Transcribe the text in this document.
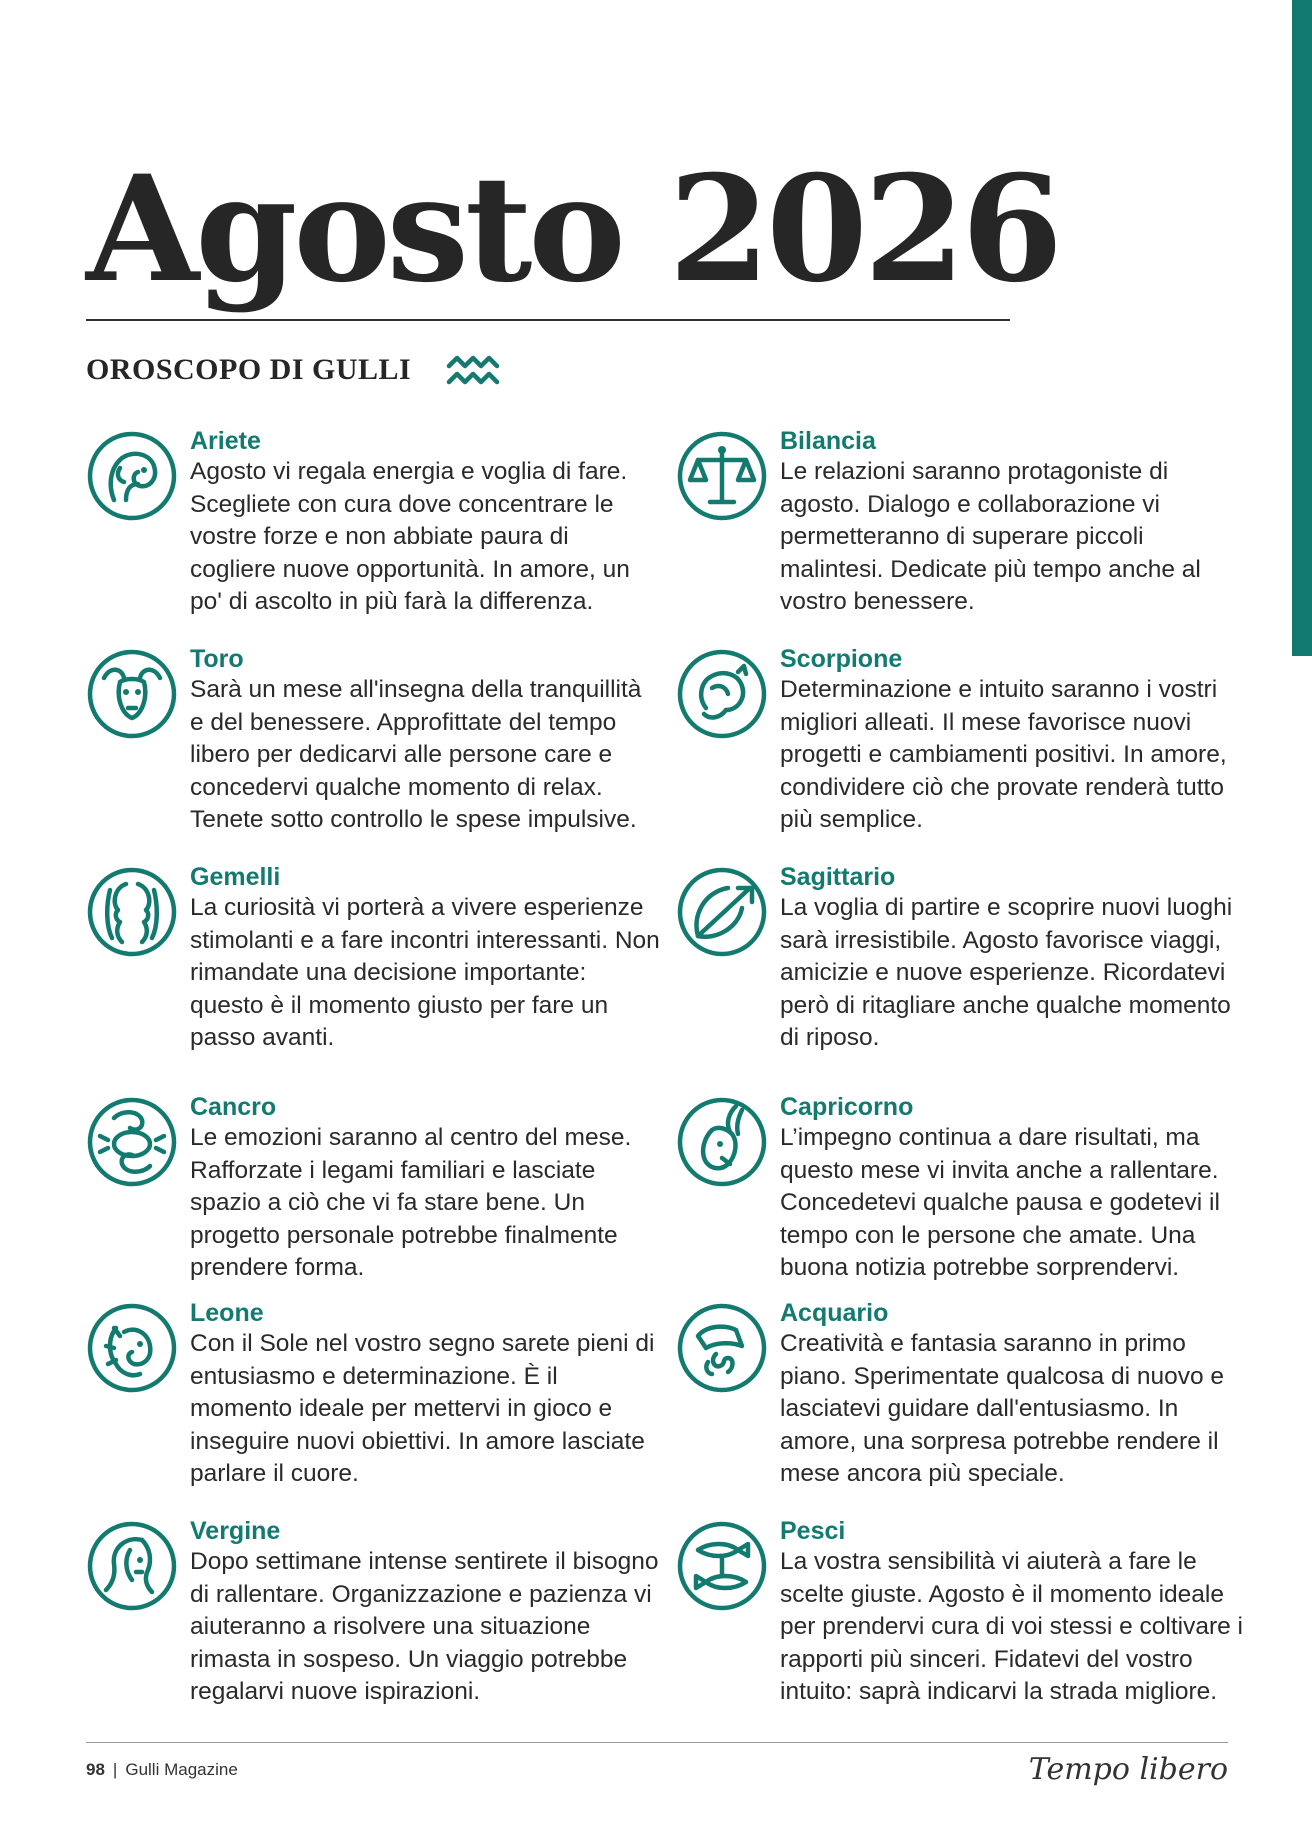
Agosto 2026
OROSCOPO DI GULLI
Ariete
Agosto vi regala energia e voglia di fare. Scegliete con cura dove concentrare le vostre forze e non abbiate paura di cogliere nuove opportunità. In amore, un po' di ascolto in più farà la differenza.
Toro
Sarà un mese all'insegna della tranquillità e del benessere. Approfittate del tempo libero per dedicarvi alle persone care e concedervi qualche momento di relax. Tenete sotto controllo le spese impulsive.
Gemelli
La curiosità vi porterà a vivere esperienze stimolanti e a fare incontri interessanti. Non rimandate una decisione importante: questo è il momento giusto per fare un passo avanti.
Cancro
Le emozioni saranno al centro del mese. Rafforzate i legami familiari e lasciate spazio a ciò che vi fa stare bene. Un progetto personale potrebbe finalmente prendere forma.
Leone
Con il Sole nel vostro segno sarete pieni di entusiasmo e determinazione. È il momento ideale per mettervi in gioco e inseguire nuovi obiettivi. In amore lasciate parlare il cuore.
Vergine
Dopo settimane intense sentirete il bisogno di rallentare. Organizzazione e pazienza vi aiuteranno a risolvere una situazione rimasta in sospeso. Un viaggio potrebbe regalarvi nuove ispirazioni.
Bilancia
Le relazioni saranno protagoniste di agosto. Dialogo e collaborazione vi permetteranno di superare piccoli malintesi. Dedicate più tempo anche al vostro benessere.
Scorpione
Determinazione e intuito saranno i vostri migliori alleati. Il mese favorisce nuovi progetti e cambiamenti positivi. In amore, condividere ciò che provate renderà tutto più semplice.
Sagittario
La voglia di partire e scoprire nuovi luoghi sarà irresistibile. Agosto favorisce viaggi, amicizie e nuove esperienze. Ricordatevi però di ritagliare anche qualche momento di riposo.
Capricorno
L’impegno continua a dare risultati, ma questo mese vi invita anche a rallentare. Concedetevi qualche pausa e godetevi il tempo con le persone che amate. Una buona notizia potrebbe sorprendervi.
Acquario
Creatività e fantasia saranno in primo piano. Sperimentate qualcosa di nuovo e lasciatevi guidare dall'entusiasmo. In amore, una sorpresa potrebbe rendere il mese ancora più speciale.
Pesci
La vostra sensibilità vi aiuterà a fare le scelte giuste. Agosto è il momento ideale per prendervi cura di voi stessi e coltivare i rapporti più sinceri. Fidatevi del vostro intuito: saprà indicarvi la strada migliore.
98 | Gulli Magazine	Tempo libero
